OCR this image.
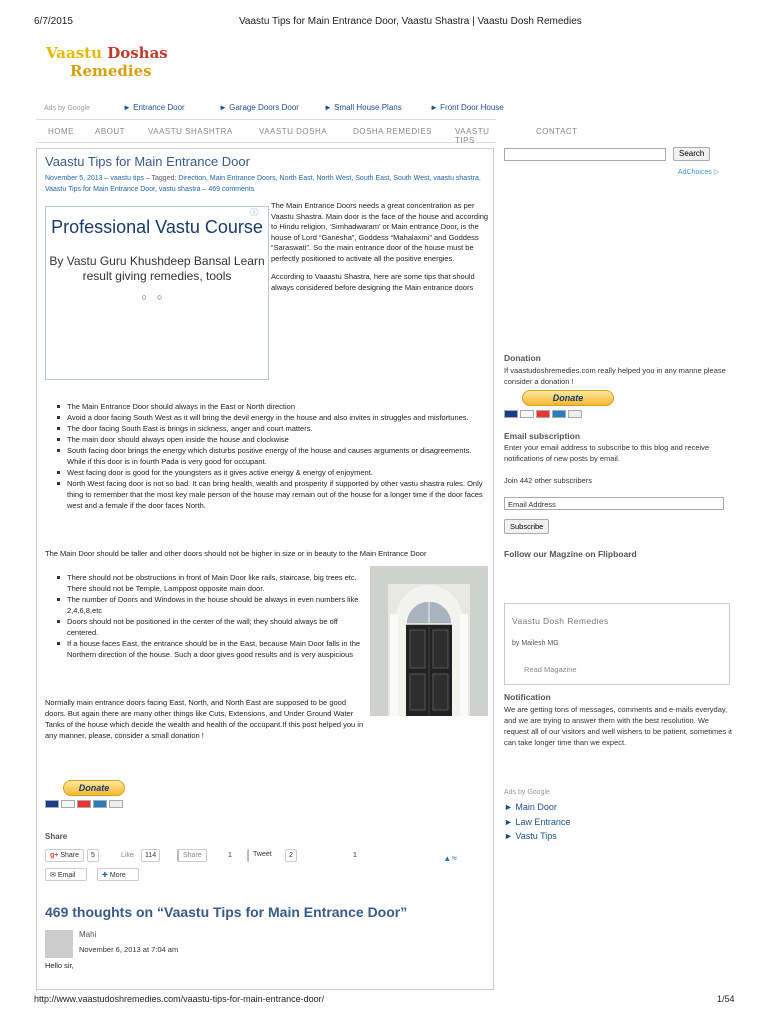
6/7/2015	Vaastu Tips for Main Entrance Door, Vaastu Shastra | Vaastu Dosh Remedies
Vaastu Doshas
Remedies
Ads by Google	► Entrance Door	► Garage Doors Door	► Small House Plans	► Front Door House
HOME	ABOUT	VAASTU SHASHTRA	VAASTU DOSHA	DOSHA REMEDIES	VAASTU TIPS
CONTACT
Vaastu Tips for Main Entrance Door
November 5, 2013 – vaastu tips – Tagged: Direction, Main Entrance Doors, North East, North West, South East, South West, vaastu shastra, Vaastu Tips for Main Entrance Door, vastu shastra – 469 comments
ⓘ
Professional Vastu Course
By Vastu Guru Khushdeep Bansal Learn result giving remedies, tools
○○

The Main Entrance Doors needs a great concentration as per Vaastu Shastra. Main door is the face of the house and according to Hindu religion, ‘Simhadwaram’ or Main entrance Door, is the house of Lord “Ganesha”, Goddess “Mahalaxmi” and Goddess “Saraswati”. So the main entrance door of the house must be perfectly positioned to activate all the positive energies.

According to Vaaastu Shastra, here are some tips that should always considered before designing the Main entrance doors

The Main Entrance Door should always in the East or North direction
Avoid a door facing South West as it will bring the devil energy in the house and also invites in struggles and misfortunes.
The door facing South East is brings in sickness, anger and court matters.
The main door should always open inside the house and clockwise
South facing door brings the energy which disturbs positive energy of the house and causes arguments or disagreements. While if this door is in fourth Pada is very good for occupant.
West facing door is good for the youngsters as it gives active energy & energy of enjoyment.
North West facing door is not so bad. It can bring health, wealth and prosperity if supported by other vastu shastra rules. Only thing to remember that the most key male person of the house may remain out of the house for a longer time if the door faces west and a female if the door faces North.
The Main Door should be taller and other doors should not be higher in size or in beauty to the Main Entrance Door
There should not be obstructions in front of Main Door like rails, staircase, big trees etc. There should not be Temple, Lamppost opposite main door.
The number of Doors and Windows in the house should be always in even numbers like 2,4,6,8,etc
Doors should not be positioned in the center of the wall; they should always be off centered.
If a house faces East, the entrance should be in the East, because Main Door falls in the Northern direction of the house. Such a door gives good results and is very auspicious
Normally main entrance doors facing East, North, and North East are supposed to be good doors. But again there are many other things like Cuts, Extensions, and Under Ground Water Tanks of the house which decide the wealth and health of the occupant.If this post helped you in any manner, please, consider a small donation !
Donate
Share
g+ Share	5	Like	114	Share	1	Tweet	2	1	▴ ≈
✉ Email	✚ More
469 thoughts on “Vaastu Tips for Main Entrance Door”
Mahi
November 6, 2013 at 7:04 am
Hello sir,
Search
AdChoices ▷
Donation
If vaastudoshremedies.com really helped you in any manne please consider a donation !
Donate
Email subscription
Enter your email address to subscribe to this blog and receive notifications of new posts by email.
Join 442 other subscribers
Email Address
Subscribe
Follow our Magzine on Flipboard
Vaastu Dosh Remedies
by Mailesh MG
Read Magazine
Notification
We are getting tons of messages, comments and e-mails everyday, and we are trying to answer them with the best resolution. We request all of our visitors and well wishers to be patient, sometimes it can take longer time than we expect.
Ads by Google
► Main Door
► Law Entrance
► Vastu Tips
http://www.vaastudoshremedies.com/vaastu-tips-for-main-entrance-door/	1/54
